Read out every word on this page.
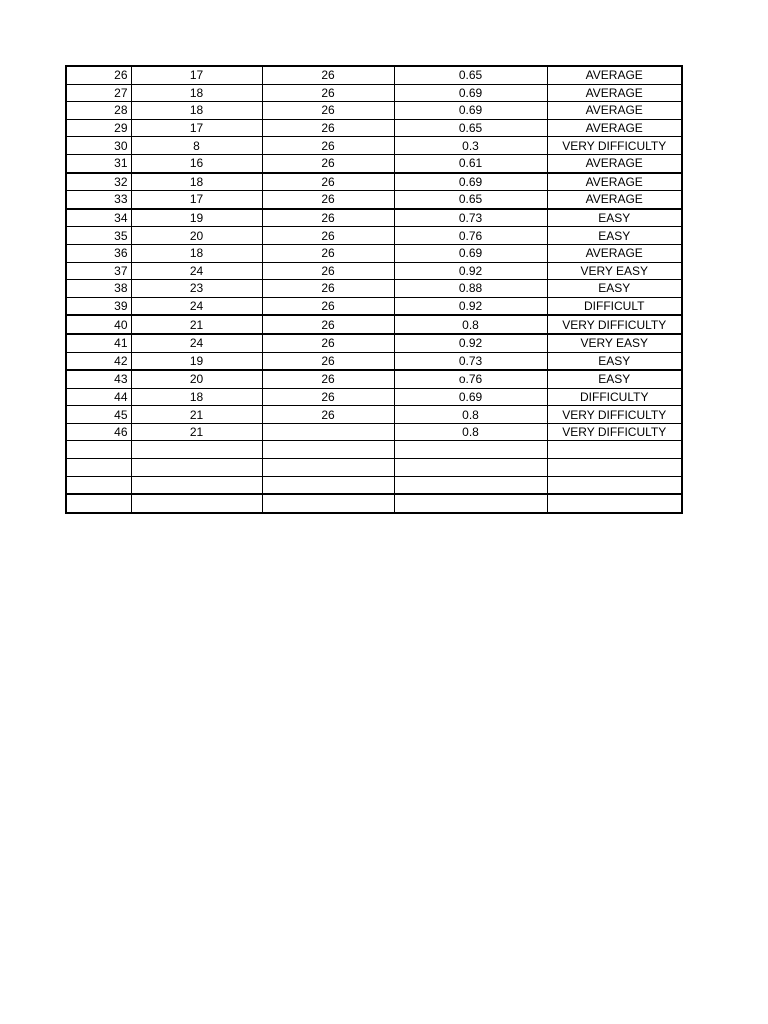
26	17	26	0.65	AVERAGE
27	18	26	0.69	AVERAGE
28	18	26	0.69	AVERAGE
29	17	26	0.65	AVERAGE
30	8	26	0.3	VERY DIFFICULTY
31	16	26	0.61	AVERAGE
32	18	26	0.69	AVERAGE
33	17	26	0.65	AVERAGE
34	19	26	0.73	EASY
35	20	26	0.76	EASY
36	18	26	0.69	AVERAGE
37	24	26	0.92	VERY EASY
38	23	26	0.88	EASY
39	24	26	0.92	DIFFICULT
40	21	26	0.8	VERY DIFFICULTY
41	24	26	0.92	VERY EASY
42	19	26	0.73	EASY
43	20	26	o.76	EASY
44	18	26	0.69	DIFFICULTY
45	21	26	0.8	VERY DIFFICULTY
46	21		0.8	VERY DIFFICULTY
